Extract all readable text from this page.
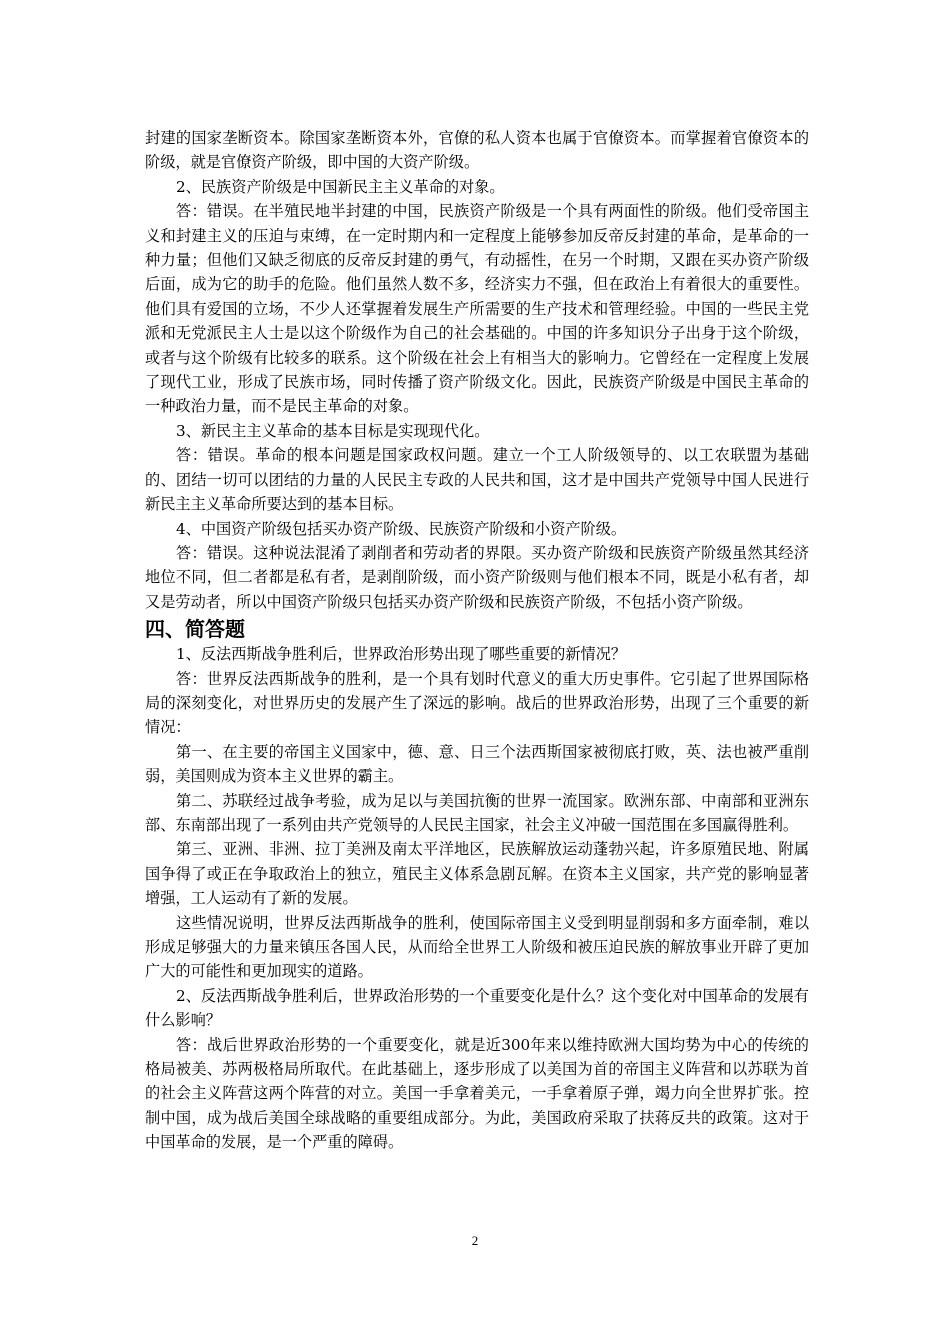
封建的国家垄断资本。除国家垄断资本外，官僚的私人资本也属于官僚资本。而掌握着官僚资本的阶级，就是官僚资产阶级，即中国的大资产阶级。

2、民族资产阶级是中国新民主主义革命的对象。

答：错误。在半殖民地半封建的中国，民族资产阶级是一个具有两面性的阶级。他们受帝国主义和封建主义的压迫与束缚，在一定时期内和一定程度上能够参加反帝反封建的革命，是革命的一种力量；但他们又缺乏彻底的反帝反封建的勇气，有动摇性，在另一个时期，又跟在买办资产阶级后面，成为它的助手的危险。他们虽然人数不多，经济实力不强，但在政治上有着很大的重要性。他们具有爱国的立场，不少人还掌握着发展生产所需要的生产技术和管理经验。中国的一些民主党派和无党派民主人士是以这个阶级作为自己的社会基础的。中国的许多知识分子出身于这个阶级，或者与这个阶级有比较多的联系。这个阶级在社会上有相当大的影响力。它曾经在一定程度上发展了现代工业，形成了民族市场，同时传播了资产阶级文化。因此，民族资产阶级是中国民主革命的一种政治力量，而不是民主革命的对象。

3、新民主主义革命的基本目标是实现现代化。

答：错误。革命的根本问题是国家政权问题。建立一个工人阶级领导的、以工农联盟为基础的、团结一切可以团结的力量的人民民主专政的人民共和国，这才是中国共产党领导中国人民进行新民主主义革命所要达到的基本目标。

4、中国资产阶级包括买办资产阶级、民族资产阶级和小资产阶级。

答：错误。这种说法混淆了剥削者和劳动者的界限。买办资产阶级和民族资产阶级虽然其经济地位不同，但二者都是私有者，是剥削阶级，而小资产阶级则与他们根本不同，既是小私有者，却又是劳动者，所以中国资产阶级只包括买办资产阶级和民族资产阶级，不包括小资产阶级。

四、简答题

1、反法西斯战争胜利后，世界政治形势出现了哪些重要的新情况？

答：世界反法西斯战争的胜利，是一个具有划时代意义的重大历史事件。它引起了世界国际格局的深刻变化，对世界历史的发展产生了深远的影响。战后的世界政治形势，出现了三个重要的新情况：

第一、在主要的帝国主义国家中，德、意、日三个法西斯国家被彻底打败，英、法也被严重削弱，美国则成为资本主义世界的霸主。

第二、苏联经过战争考验，成为足以与美国抗衡的世界一流国家。欧洲东部、中南部和亚洲东部、东南部出现了一系列由共产党领导的人民民主国家，社会主义冲破一国范围在多国赢得胜利。

第三、亚洲、非洲、拉丁美洲及南太平洋地区，民族解放运动蓬勃兴起，许多原殖民地、附属国争得了或正在争取政治上的独立，殖民主义体系急剧瓦解。在资本主义国家，共产党的影响显著增强，工人运动有了新的发展。

这些情况说明，世界反法西斯战争的胜利，使国际帝国主义受到明显削弱和多方面牵制，难以形成足够强大的力量来镇压各国人民，从而给全世界工人阶级和被压迫民族的解放事业开辟了更加广大的可能性和更加现实的道路。

2、反法西斯战争胜利后，世界政治形势的一个重要变化是什么？这个变化对中国革命的发展有什么影响？

答：战后世界政治形势的一个重要变化，就是近300年来以维持欧洲大国均势为中心的传统的格局被美、苏两极格局所取代。在此基础上，逐步形成了以美国为首的帝国主义阵营和以苏联为首的社会主义阵营这两个阵营的对立。美国一手拿着美元，一手拿着原子弹，竭力向全世界扩张。控制中国，成为战后美国全球战略的重要组成部分。为此，美国政府采取了扶蒋反共的政策。这对于中国革命的发展，是一个严重的障碍。

2
